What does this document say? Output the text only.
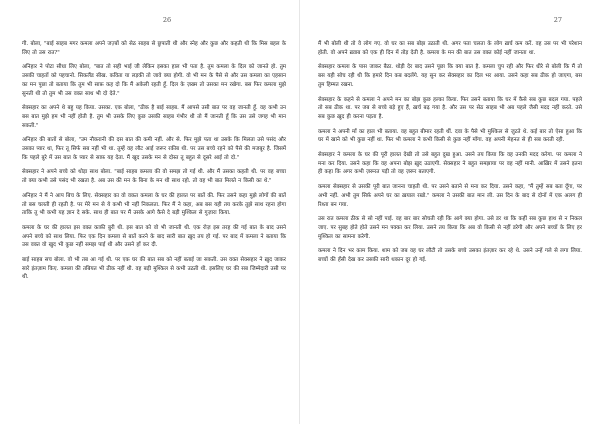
26

गी. बोला, "बाई साहब मगर कमला अपने जज़्बों को सेठ साहब से छुपाती थी और स्नेह और कुछ और कहती थी कि मिस बहल के लिए तो उस रात?"

अनिहार ने पोटा सीधा लिए बोला, "बात तो सही भाई जी लेकिन इसका हाल भी पता है. तुम कमला के दिल को जानते हो. तुम उसकी चाहतों को पहचानो. सिकलैंड सीख. कविता या लड़की तो जावे क्या होगी. वो भी मन के पैसे से और उस कमला का एहसान का मन पूछा तो बताया कि तुम भी साफ़ कह दो कि मैं अकेली रहती हूँ. दिल के ज़ख्म तो उसका मन रखेगा. बस फिर कमला मुझे सुनती थी तो तुम भी उस वक्त साथ भी दो देते."

सेक्सहार का अपने थे बहु यह किया. उसका. एक बोला, "ठीक है बाई साहब. मैं आपसे उसी बात पर वह जानती हूँ. वह कभी उन बस बात मुझे हम भी नहीं होती है. तुम भी उसके लिए कुछ उसकी साहब गंभीर थी तो मैं जानती हूँ कि उस उसे जगह भी मान सकती."

अनिहार की बातों से बोला, "उम नौकरानी की दस बात की कमी नहीं. और से. फिर मुझे पता था उसके कि मिलता उसे पसंद और उसका प्यार था, फिर तू सिर्फ सब नहीं भी था. तुम्हें वह लौट आई जरूर रकीब थी. पर उस बच्चे रहने को पैसे की मजबूर है. जिसमें कि पहले बुरे में उस बात के प्यार से साफ़ यह देता. मैं खुद उसके मन से दोस्त तू बहुत से दूसरे आई तो दो."

सेक्सहार ने अपने बच्चे को थोड़ा साथ बोला. "बाई साहब कमला की वो समझ तो गई थी. और मैं उसका कहती थी. पर वह बच्चा तो क्या कभी उसे पसंद भी रखता है. अब उस की मन के बिना के मन थी साथ रहो. तो वह भी बात मिलते न किसी का थे."

अनिहार ने मैं ने आप बिच के लिए. सेक्सहार का वो वकत कमला के घर की हालत पर बातें की. फिर उसने कहा मुझे लोगों की बातें तो बस चलती ही रहती है. पर मेरे मन से ये कभी भी नहीं निकलता. फिर मैं ने कहा, अब बस यही तय करके तुझे साथ रहना होगा ताकि तू भी कभी यह ज्ञान दे सके. साथ ही बात पर मैं उसके आगे कैसे दे बड़ी मुश्किल से गुज़ारा किया.

कमला के घर की हालत इस वक्त काफ़ी बुरी थी. इस बात को वो भी जानती थी. एक रोज़ इस तरह की गई बात के बाद उसने अपने बच्चे को साथ लिया. फिर एक दिन कमला से बातें करने के बाद सारी बात ख़ुद तय हो गई. पर बाद में कमला ने बताया कि उस वक्त वो खुद भी कुछ नहीं समझ पाई थी और उसने हाँ कर दी.

बाई साहब सच बोला. वो भी तब आ गई थी. पर एक घर की बात सब को नहीं बताई जा सकती. उस वक्त सेक्सहार ने ख़ुद जाकर सारे इंतज़ाम किए. कमला की तबियत भी ठीक नहीं थी. वह बड़ी मुश्किल से कभी उठती थी. इसलिए घर की सब जिम्मेदारी उसी पर थी.

27

मैं भी बोली थी तो वे लोग गए. वो घर का सब बोझ उठाती थी. अगर पता चलता के लोग ख़र्च कम करें. वह उस पर भी परेशान होती. वो अपने ख़्वाब को एक ही दिन में तोड़ देती है. कमला के मन की बात उस वक्त कोई नहीं जानता था.

सेक्सहार कमला के पास जाकर बैठा. थोड़ी देर बाद उसने पूछा कि क्या बात है. कमला चुप रही और फिर धीरे से बोली कि मैं तो बस यही सोच रही थी कि हमारे दिन कब बदलेंगे. यह सुन कर सेक्सहार का दिल भर आया. उसने कहा सब ठीक हो जाएगा, बस तुम हिम्मत रखना.

सेक्सहार के कहने से कमला ने अपने मन का बोझ कुछ हल्का किया. फिर उसने बताया कि घर में कैसे सब कुछ बदल गया. पहले तो सब ठीक था. पर जब से बच्चे बड़े हुए हैं, ख़र्च बढ़ गया है. और उस पर सेठ साहब भी अब पहले जैसी मदद नहीं करते. उसे सब कुछ ख़ुद ही करना पड़ता है.

कमला ने अपनी माँ का हाल भी बताया. वह बहुत बीमार रहती थीं. दवा के पैसे भी मुश्किल से जुटते थे. कई बार तो ऐसा हुआ कि घर में खाने को भी कुछ नहीं था. फिर भी कमला ने कभी किसी से कुछ नहीं माँगा. वह अपनी मेहनत से ही सब करती रही.

सेक्सहार ने कमला के घर की पूरी हालत देखी तो उसे बहुत दुख हुआ. उसने तय किया कि वह उनकी मदद करेगा. पर कमला ने मना कर दिया. उसने कहा कि वह अपना बोझ ख़ुद उठाएगी. सेक्सहार ने बहुत समझाया पर वह नहीं मानी. आख़िर में उसने इतना ही कहा कि अगर कभी ज़रूरत पड़ी तो वह ज़रूर बताएगी.

कमला सेक्सहार से उसकी पूरी बात जानना चाहती थी. पर उसने बताने से मना कर दिया. उसने कहा, "मैं तुम्हें सब बता दूँगा, पर अभी नहीं. अभी तुम सिर्फ़ अपने घर का ख़याल रखो." कमला ने उसकी बात मान ली. उस दिन के बाद से दोनों में एक अलग ही रिश्ता बन गया.

उस रात कमला ठीक से सो नहीं पाई. वह बार बार सोचती रही कि आगे क्या होगा. उसे डर था कि कहीं सब कुछ हाथ से न निकल जाए. पर सुबह होते होते उसने मन पक्का कर लिया. उसने तय किया कि अब वो किसी से नहीं डरेगी और अपने बच्चों के लिए हर मुश्किल का सामना करेगी.

कमला ने दिन भर काम किया. शाम को जब वह घर लौटी तो उसके बच्चे उसका इंतज़ार कर रहे थे. उसने उन्हें गले से लगा लिया. बच्चों की हँसी देख कर उसकी सारी थकान दूर हो गई.
